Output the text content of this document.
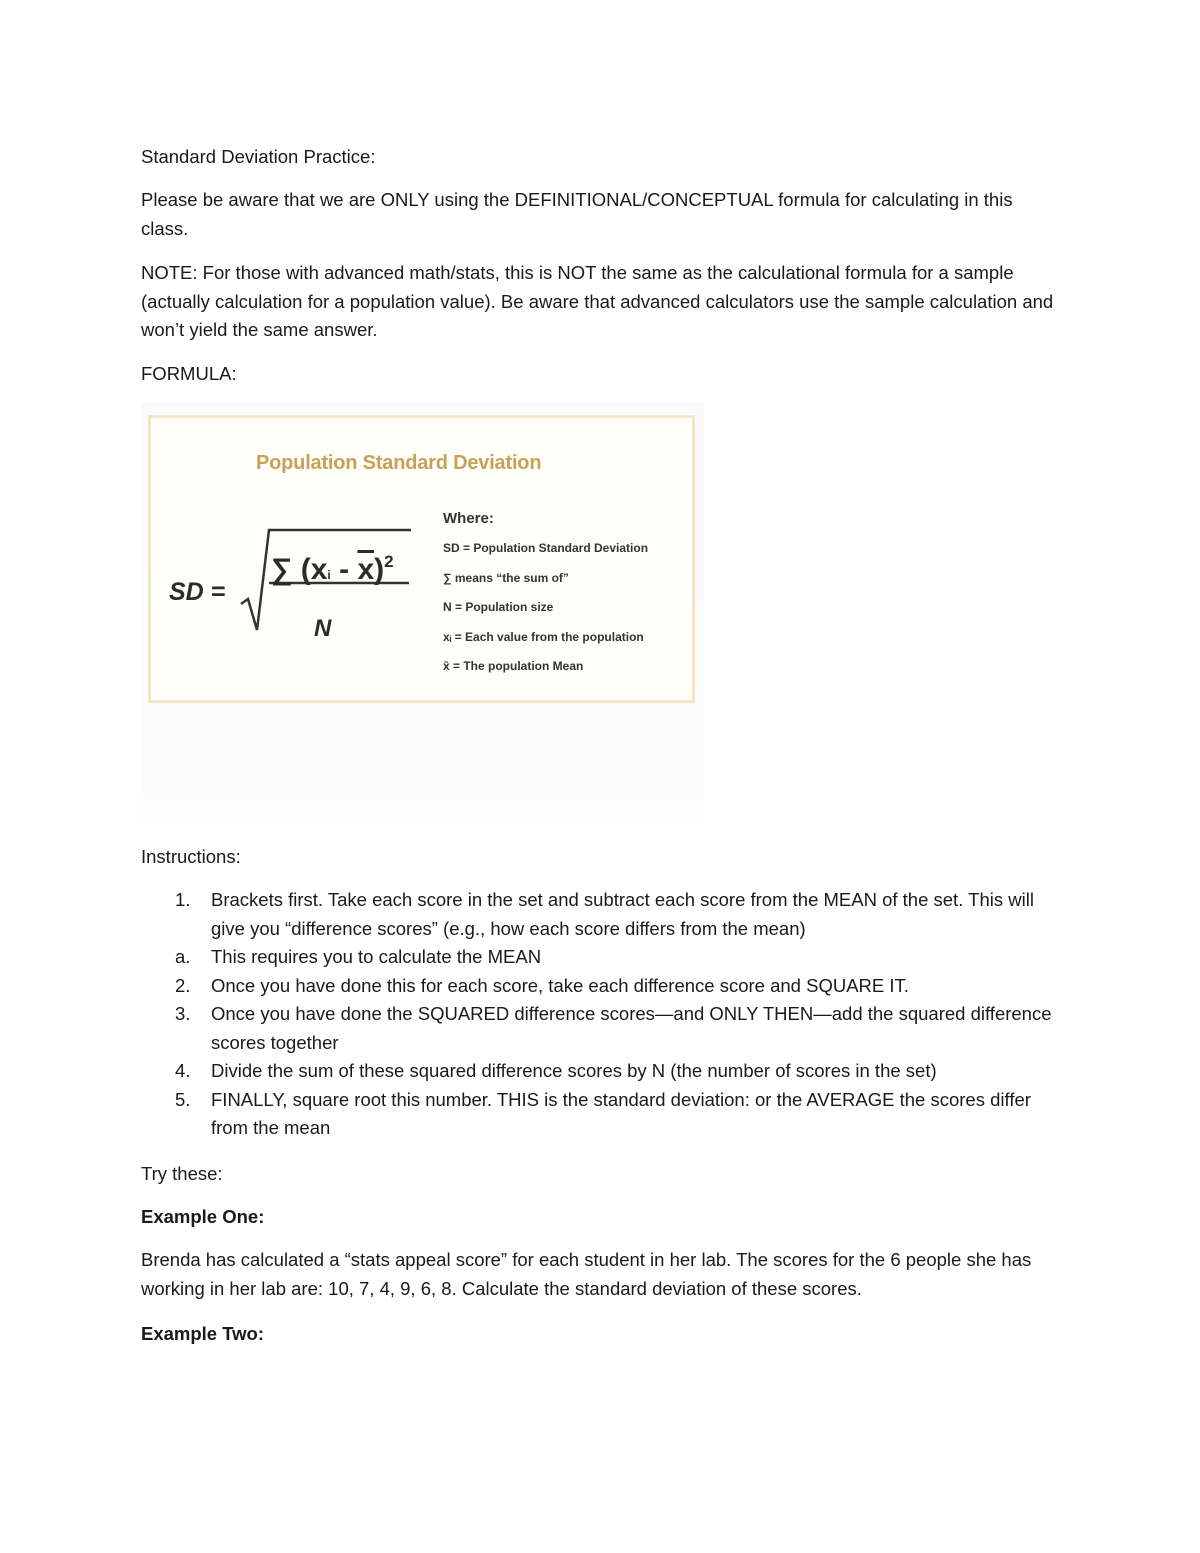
Standard Deviation Practice:

Please be aware that we are ONLY using the DEFINITIONAL/CONCEPTUAL formula for calculating in this class.

NOTE: For those with advanced math/stats, this is NOT the same as the calculational formula for a sample (actually calculation for a population value). Be aware that advanced calculators use the sample calculation and won’t yield the same answer.

FORMULA:

Population Standard Deviation
SD =
∑ $(xi - \overline{x})^2$
N
Where:
SD = Population Standard Deviation
∑ means “the sum of”
N = Population size
xᵢ = Each value from the population
x̄ = The population Mean

Instructions:

1. Brackets first. Take each score in the set and subtract each score from the MEAN of the set. This will give you “difference scores” (e.g., how each score differs from the mean)
a. This requires you to calculate the MEAN
2. Once you have done this for each score, take each difference score and SQUARE IT.
3. Once you have done the SQUARED difference scores—and ONLY THEN—add the squared difference scores together
4. Divide the sum of these squared difference scores by N (the number of scores in the set)
5. FINALLY, square root this number. THIS is the standard deviation: or the AVERAGE the scores differ from the mean

Try these:

Example One:

Brenda has calculated a “stats appeal score” for each student in her lab. The scores for the 6 people she has working in her lab are: 10, 7, 4, 9, 6, 8. Calculate the standard deviation of these scores.

Example Two:
